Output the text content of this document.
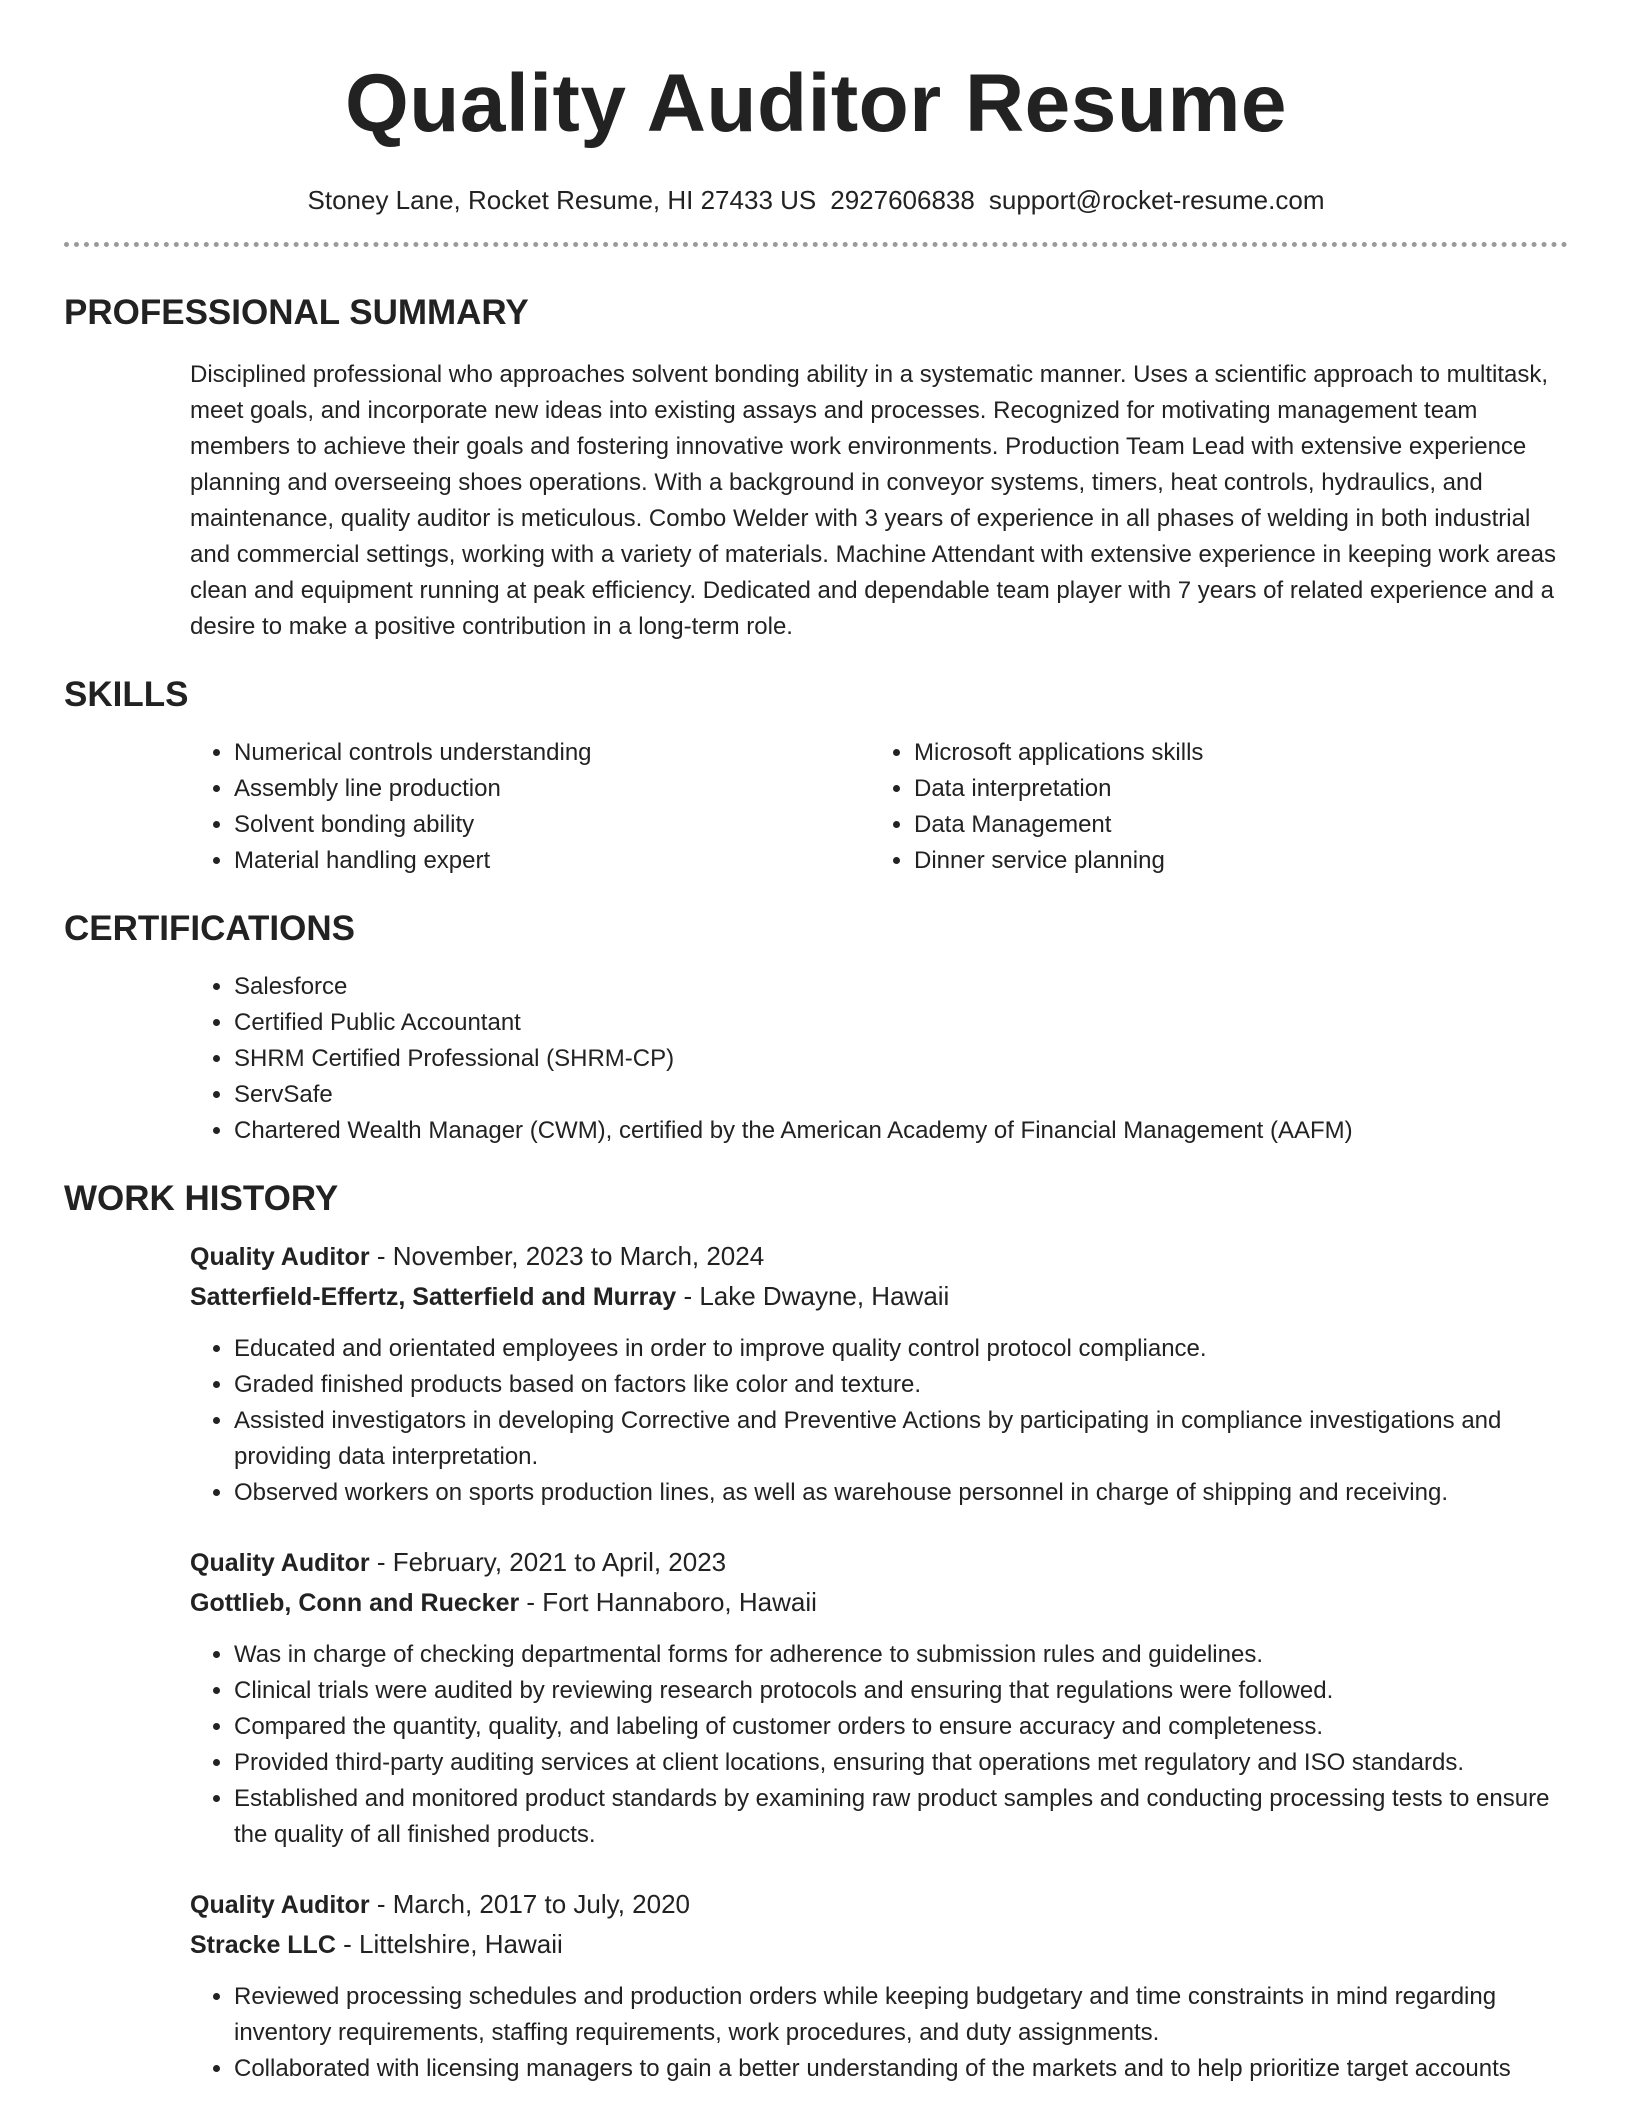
Quality Auditor Resume
Stoney Lane, Rocket Resume, HI 27433 US 2927606838 support@rocket-resume.com
PROFESSIONAL SUMMARY
Disciplined professional who approaches solvent bonding ability in a systematic manner. Uses a scientific approach to multitask, meet goals, and incorporate new ideas into existing assays and processes. Recognized for motivating management team members to achieve their goals and fostering innovative work environments. Production Team Lead with extensive experience planning and overseeing shoes operations. With a background in conveyor systems, timers, heat controls, hydraulics, and maintenance, quality auditor is meticulous. Combo Welder with 3 years of experience in all phases of welding in both industrial and commercial settings, working with a variety of materials. Machine Attendant with extensive experience in keeping work areas clean and equipment running at peak efficiency. Dedicated and dependable team player with 7 years of related experience and a desire to make a positive contribution in a long-term role.
SKILLS
• Numerical controls understanding
• Assembly line production
• Solvent bonding ability
• Material handling expert
• Microsoft applications skills
• Data interpretation
• Data Management
• Dinner service planning
CERTIFICATIONS
• Salesforce
• Certified Public Accountant
• SHRM Certified Professional (SHRM-CP)
• ServSafe
• Chartered Wealth Manager (CWM), certified by the American Academy of Financial Management (AAFM)
WORK HISTORY
Quality Auditor - November, 2023 to March, 2024
Satterfield-Effertz, Satterfield and Murray - Lake Dwayne, Hawaii
• Educated and orientated employees in order to improve quality control protocol compliance.
• Graded finished products based on factors like color and texture.
• Assisted investigators in developing Corrective and Preventive Actions by participating in compliance investigations and providing data interpretation.
• Observed workers on sports production lines, as well as warehouse personnel in charge of shipping and receiving.
Quality Auditor - February, 2021 to April, 2023
Gottlieb, Conn and Ruecker - Fort Hannaboro, Hawaii
• Was in charge of checking departmental forms for adherence to submission rules and guidelines.
• Clinical trials were audited by reviewing research protocols and ensuring that regulations were followed.
• Compared the quantity, quality, and labeling of customer orders to ensure accuracy and completeness.
• Provided third-party auditing services at client locations, ensuring that operations met regulatory and ISO standards.
• Established and monitored product standards by examining raw product samples and conducting processing tests to ensure the quality of all finished products.
Quality Auditor - March, 2017 to July, 2020
Stracke LLC - Littelshire, Hawaii
• Reviewed processing schedules and production orders while keeping budgetary and time constraints in mind regarding inventory requirements, staffing requirements, work procedures, and duty assignments.
• Collaborated with licensing managers to gain a better understanding of the markets and to help prioritize target accounts
